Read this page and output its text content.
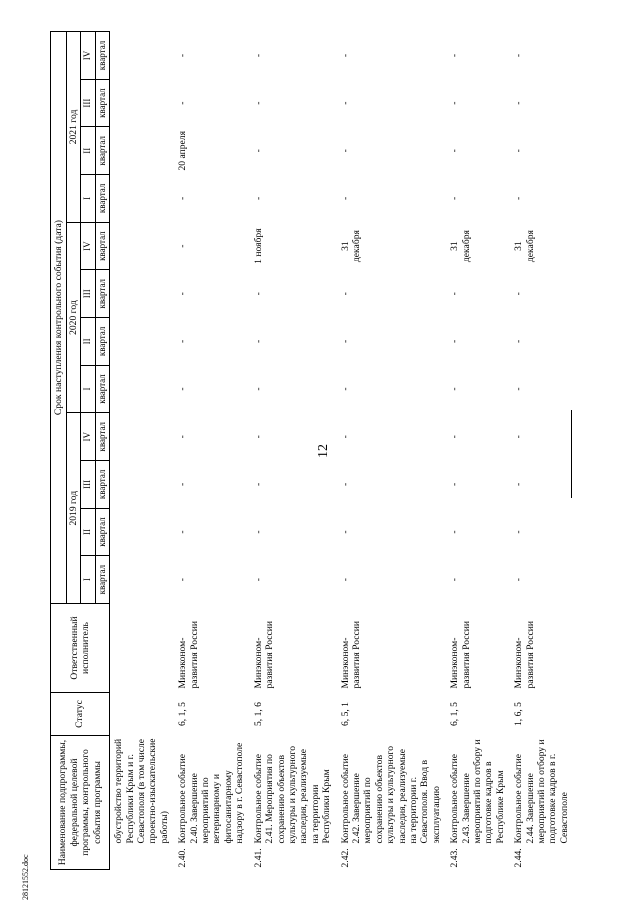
12
28121552.doc
Наименование подпрограммы, федеральной целевой программы, контрольного события программы		Статус	Ответственный исполнитель	Срок наступления контрольного события (дата)											
				2019 год				2020 год				2021 год			
				I	II	III	IV	I	II	III	IV	I	II	III	IV
				квартал	квартал	квартал	квартал	квартал	квартал	квартал	квартал	квартал	квартал	квартал	квартал
	обустройство территорий Республики Крым и г. Севастополя (в том числе проектно-изыскательские работы)														
2.40.	Контрольное событие 2.40. Завершение мероприятий по ветеринарному и фитосанитарному надзору в г. Севастополе	6, 1, 5	Минэконом-развития России	-	-	-	-	-	-	-	-	-	20 апреля	-	-
2.41.	Контрольное событие 2.41. Мероприятия по сохранению объектов культуры и культурного наследия, реализуемые на территории Республики Крым	5, 1, 6	Минэконом-развития России	-	-	-	-	-	-	-	1 ноября	-	-	-	-
2.42.	Контрольное событие 2.42. Завершение мероприятий по сохранению объектов культуры и культурного наследия, реализуемые на территории г. Севастополя. Ввод в эксплуатацию	6, 5, 1	Минэконом-развития России	-	-	-	-	-	-	-	31 декабря	-	-	-	-
2.43.	Контрольное событие 2.43. Завершение мероприятий по отбору и подготовке кадров в Республике Крым	6, 1, 5	Минэконом-развития России	-	-	-	-	-	-	-	31 декабря	-	-	-	-
2.44.	Контрольное событие 2.44. Завершение мероприятий по отбору и подготовке кадров в г. Севастополе	1, 6, 5	Минэконом-развития России	-	-	-	-	-	-	-	31 декабря	-	-	-	-
